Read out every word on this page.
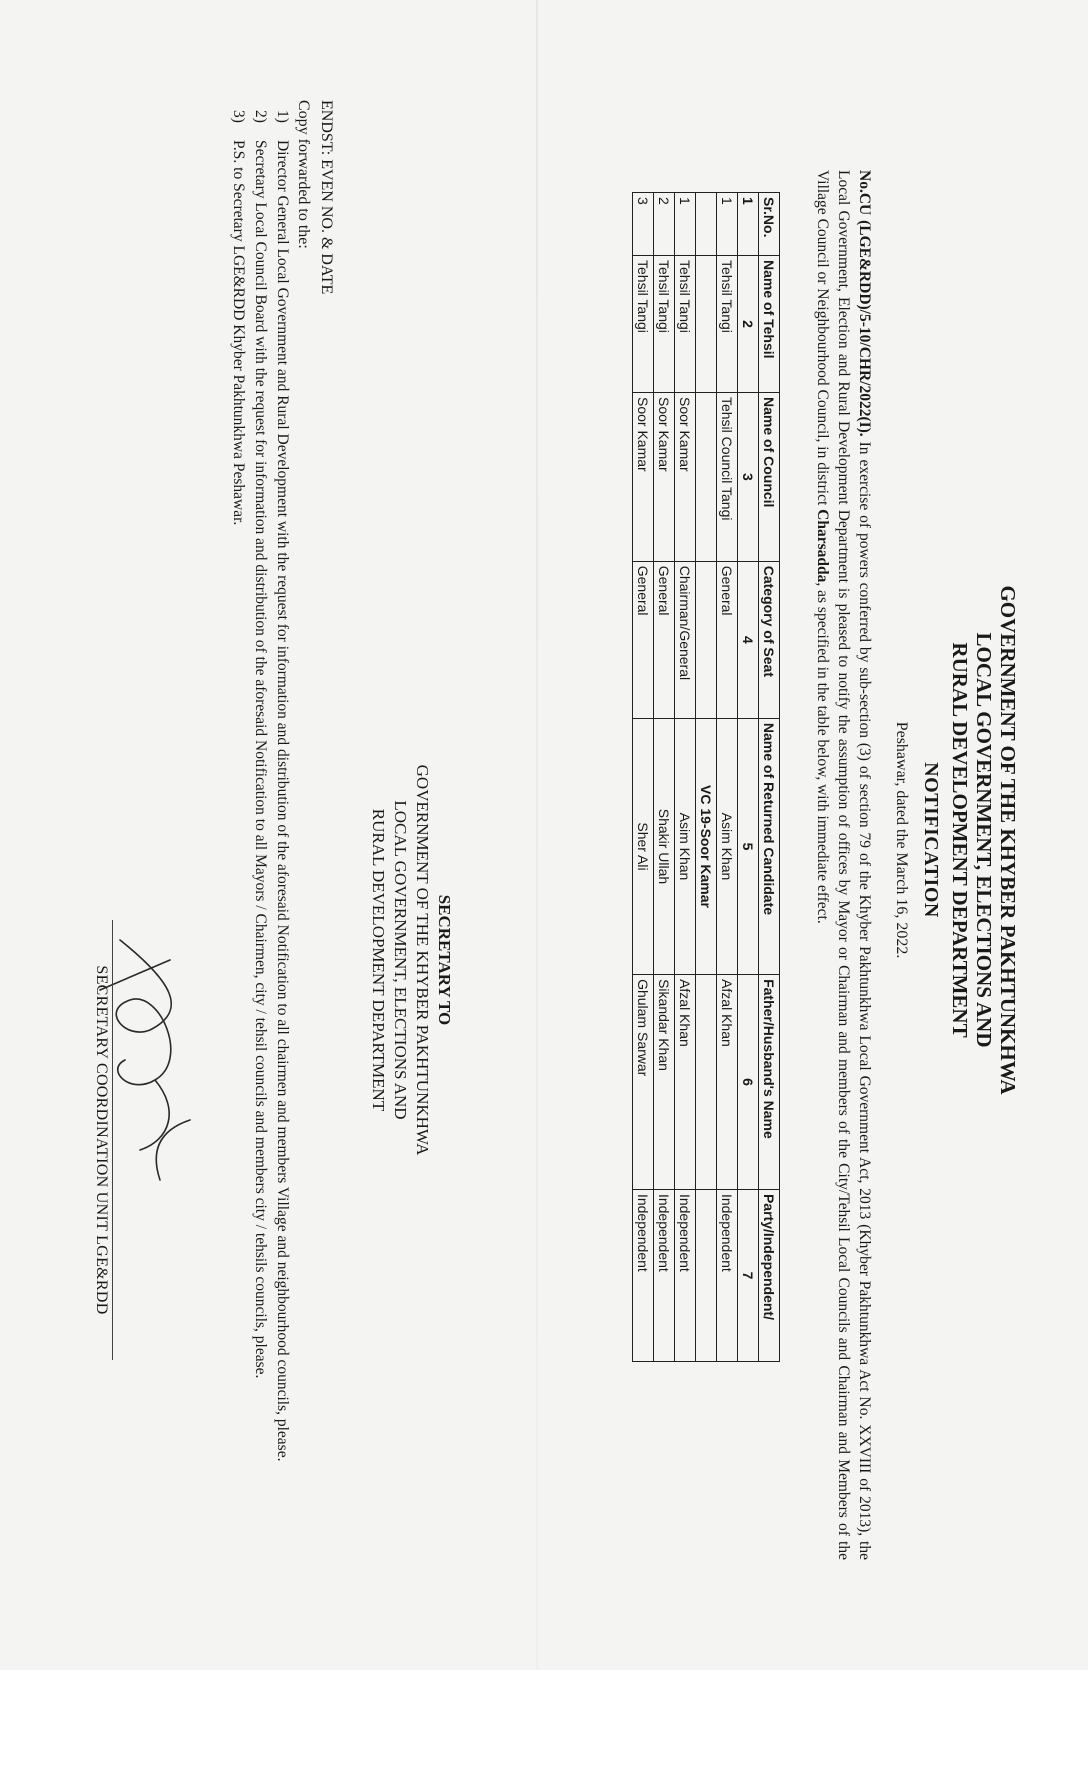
GOVERNMENT OF THE KHYBER PAKHTUNKHWA
LOCAL GOVERNMENT, ELECTIONS AND
RURAL DEVELOPMENT DEPARTMENT
NOTIFICATION
Peshawar, dated the March 16, 2022.
No.CU (LGE&RDD)/5-10/CHR/2022(I). In exercise of powers conferred by sub-section (3) of section 79 of the Khyber Pakhtunkhwa Local Government Act, 2013 (Khyber Pakhtunkhwa Act No. XXVIII of 2013), the Local Government, Election and Rural Development Department is pleased to notify the assumption of offices by Mayor or Chairman and members of the City/Tehsil Local Councils and Chairman and Members of the Village Council or Neighbourhood Council, in district Charsadda, as specified in the table below, with immediate effect.
Sr.No.	Name of Tehsil	Name of Council	Category of Seat	Name of Returned Candidate	Father/Husband's Name	Party/Independent/
1	2	3	4	5	6	7
1	Tehsil Tangi	Tehsil Council Tangi	General	Asim Khan	Afzal Khan	Independent
				VC 19-Soor Kamar		
1	Tehsil Tangi	Soor Kamar	Chairman/General	Asim Khan	Afzal Khan	Independent
2	Tehsil Tangi	Soor Kamar	General	Shakir Ullah	Sikandar Khan	Independent
3	Tehsil Tangi	Soor Kamar	General	Sher Ali	Ghulam Sarwar	Independent
SECRETARY TO
GOVERNMENT OF THE KHYBER PAKHTUNKHWA
LOCAL GOVERNMENT, ELECTIONS AND
RURAL DEVELOPMENT DEPARTMENT
ENDST: EVEN NO. & DATE
Copy forwarded to the:
1)
Director General Local Government and Rural Development with the request for information and distribution of the aforesaid Notification to all chairmen and members Village and neighbourhood councils, please.
2)
Secretary Local Council Board with the request for information and distribution of the aforesaid Notification to all Mayors / Chairmen, city / tehsil councils and members city / tehsils councils, please.
3)
P.S. to Secretary LGE&RDD Khyber Pakhtunkhwa Peshawar.
SECRETARY COORDINATION UNIT LGE&RDD
